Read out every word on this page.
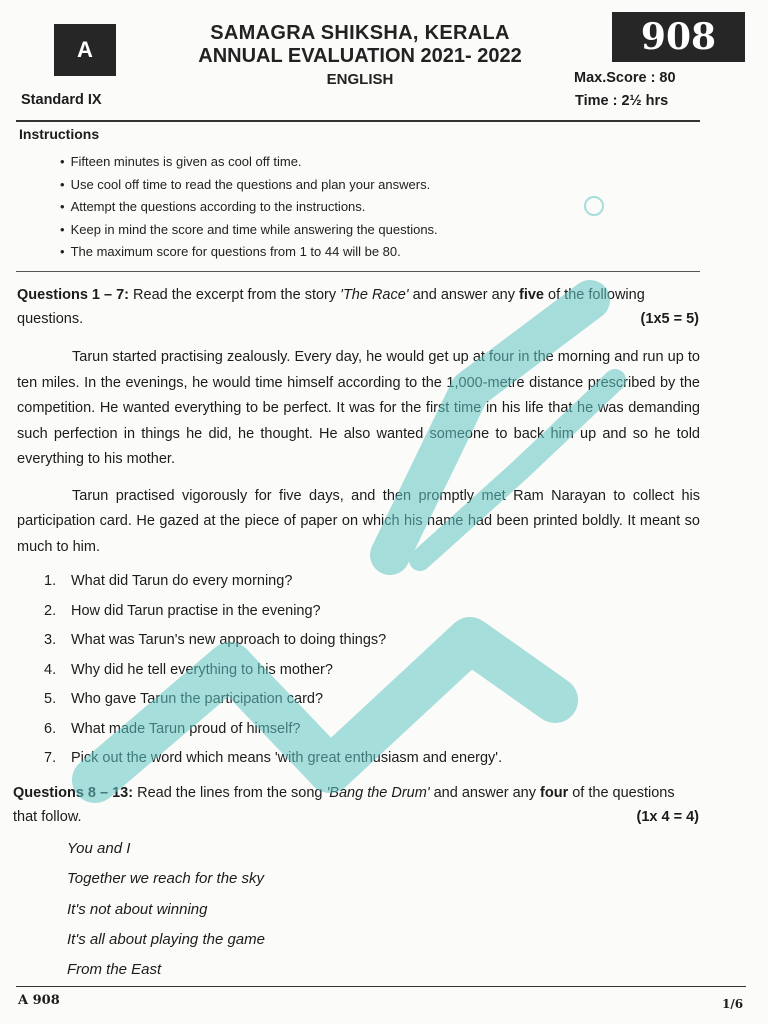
A
SAMAGRA SHIKSHA, KERALA
ANNUAL EVALUATION 2021- 2022
ENGLISH
908
Standard IX
Max.Score : 80
Time : 2½ hrs
Instructions
• Fifteen minutes is given as cool off time.
• Use cool off time to read the questions and plan your answers.
• Attempt the questions according to the instructions.
• Keep in mind the score and time while answering the questions.
• The maximum score for questions from 1 to 44 will be 80.
Questions 1 – 7: Read the excerpt from the story 'The Race' and answer any five of the following questions.	(1x5 = 5)

Tarun started practising zealously. Every day, he would get up at four in the morning and run up to ten miles. In the evenings, he would time himself according to the 1,000-metre distance prescribed by the competition. He wanted everything to be perfect. It was for the first time in his life that he was demanding such perfection in things he did, he thought. He also wanted someone to back him up and so he told everything to his mother.

Tarun practised vigorously for five days, and then promptly met Ram Narayan to collect his participation card. He gazed at the piece of paper on which his name had been printed boldly. It meant so much to him.

1.	What did Tarun do every morning?
2.	How did Tarun practise in the evening?
3.	What was Tarun's new approach to doing things?
4.	Why did he tell everything to his mother?
5.	Who gave Tarun the participation card?
6.	What made Tarun proud of himself?
7.	Pick out the word which means 'with great enthusiasm and energy'.
Questions 8 – 13: Read the lines from the song 'Bang the Drum' and answer any four of the questions that follow.	(1x 4 = 4)
You and I
Together we reach for the sky
It's not about winning
It's all about playing the game
From the East
A 908	1/6
